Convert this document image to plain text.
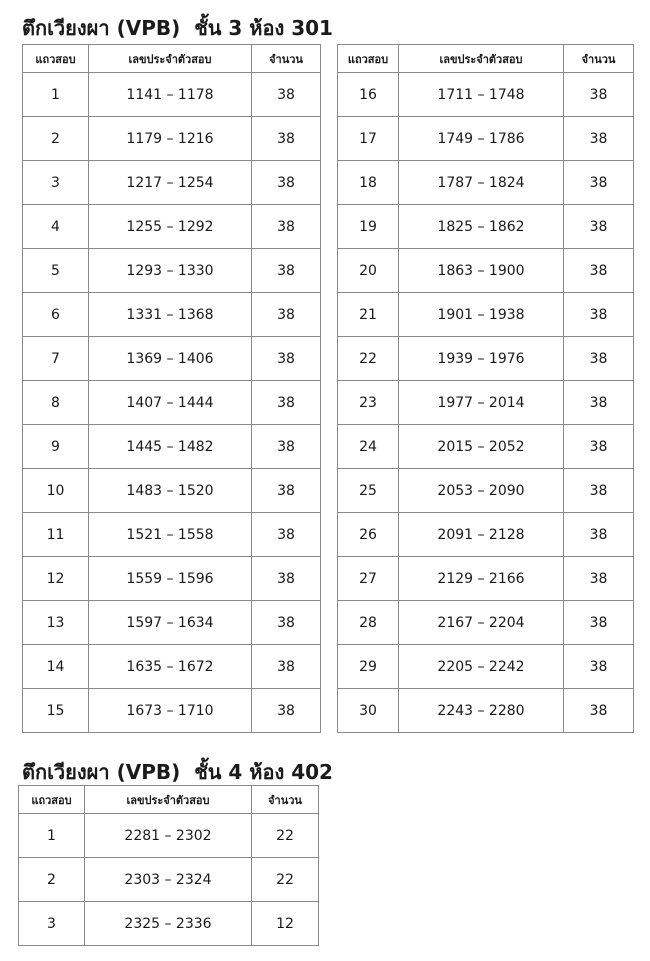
ตึกเวียงผา (VPB) ชั้น 3 ห้อง 301
แถวสอบ	เลขประจำตัวสอบ	จำนวน
1	1141 – 1178	38
2	1179 – 1216	38
3	1217 – 1254	38
4	1255 – 1292	38
5	1293 – 1330	38
6	1331 – 1368	38
7	1369 – 1406	38
8	1407 – 1444	38
9	1445 – 1482	38
10	1483 – 1520	38
11	1521 – 1558	38
12	1559 – 1596	38
13	1597 – 1634	38
14	1635 – 1672	38
15	1673 – 1710	38
แถวสอบ	เลขประจำตัวสอบ	จำนวน
16	1711 – 1748	38
17	1749 – 1786	38
18	1787 – 1824	38
19	1825 – 1862	38
20	1863 – 1900	38
21	1901 – 1938	38
22	1939 – 1976	38
23	1977 – 2014	38
24	2015 – 2052	38
25	2053 – 2090	38
26	2091 – 2128	38
27	2129 – 2166	38
28	2167 – 2204	38
29	2205 – 2242	38
30	2243 – 2280	38
ตึกเวียงผา (VPB) ชั้น 4 ห้อง 402
แถวสอบ	เลขประจำตัวสอบ	จำนวน
1	2281 – 2302	22
2	2303 – 2324	22
3	2325 – 2336	12
